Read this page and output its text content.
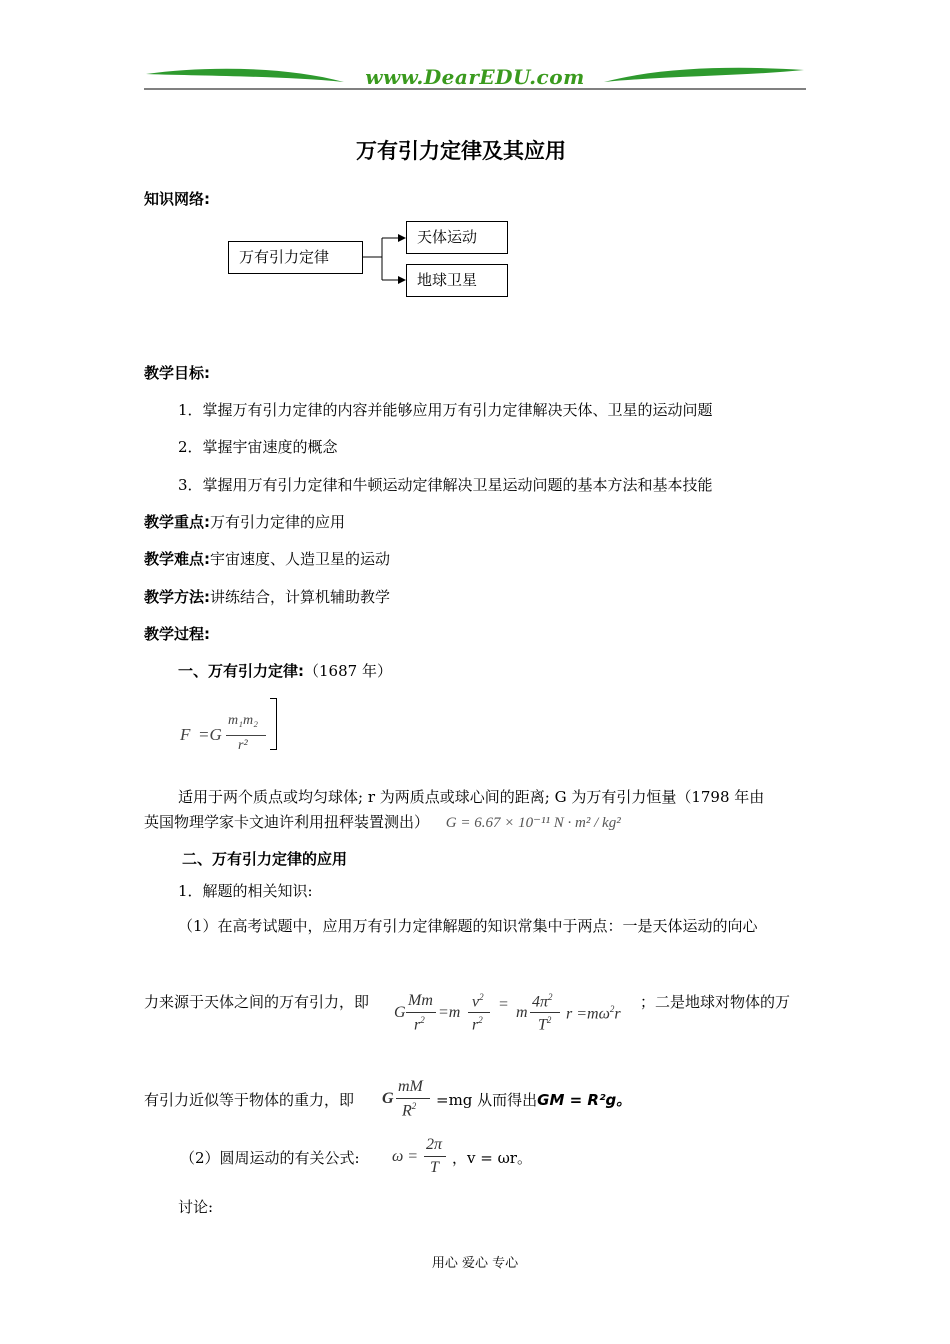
www.DearEDU.com
万有引力定律及其应用
知识网络:
万有引力定律
天体运动
地球卫星
教学目标:
1．掌握万有引力定律的内容并能够应用万有引力定律解决天体、卫星的运动问题
2．掌握宇宙速度的概念
3．掌握用万有引力定律和牛顿运动定律解决卫星运动问题的基本方法和基本技能
教学重点:万有引力定律的应用
教学难点:宇宙速度、人造卫星的运动
教学方法:讲练结合，计算机辅助教学
教学过程:
一、万有引力定律:（1687 年）
F =G
m₁m₂
r²
适用于两个质点或均匀球体; r 为两质点或球心间的距离; G 为万有引力恒量（1798 年由
英国物理学家卡文迪许利用扭秤装置测出） G = 6.67 × 10⁻¹¹ N · m² / kg²
二、万有引力定律的应用
1．解题的相关知识:
（1）在高考试题中，应用万有引力定律解题的知识常集中于两点：一是天体运动的向心
力来源于天体之间的万有引力，即
G
Mm
$r^2 =m$
$v^2$
$r^2$
= m
$4\pi^2$
$T^2$ $r =m\omega^2r$
；二是地球对物体的万
有引力近似等于物体的重力，即 G
mM
$R^2 =mg$ 从而得出GM = R²g。
（2）圆周运动的有关公式: ω =
2π
T
，v = ωr。
讨论:
用心 爱心 专心
